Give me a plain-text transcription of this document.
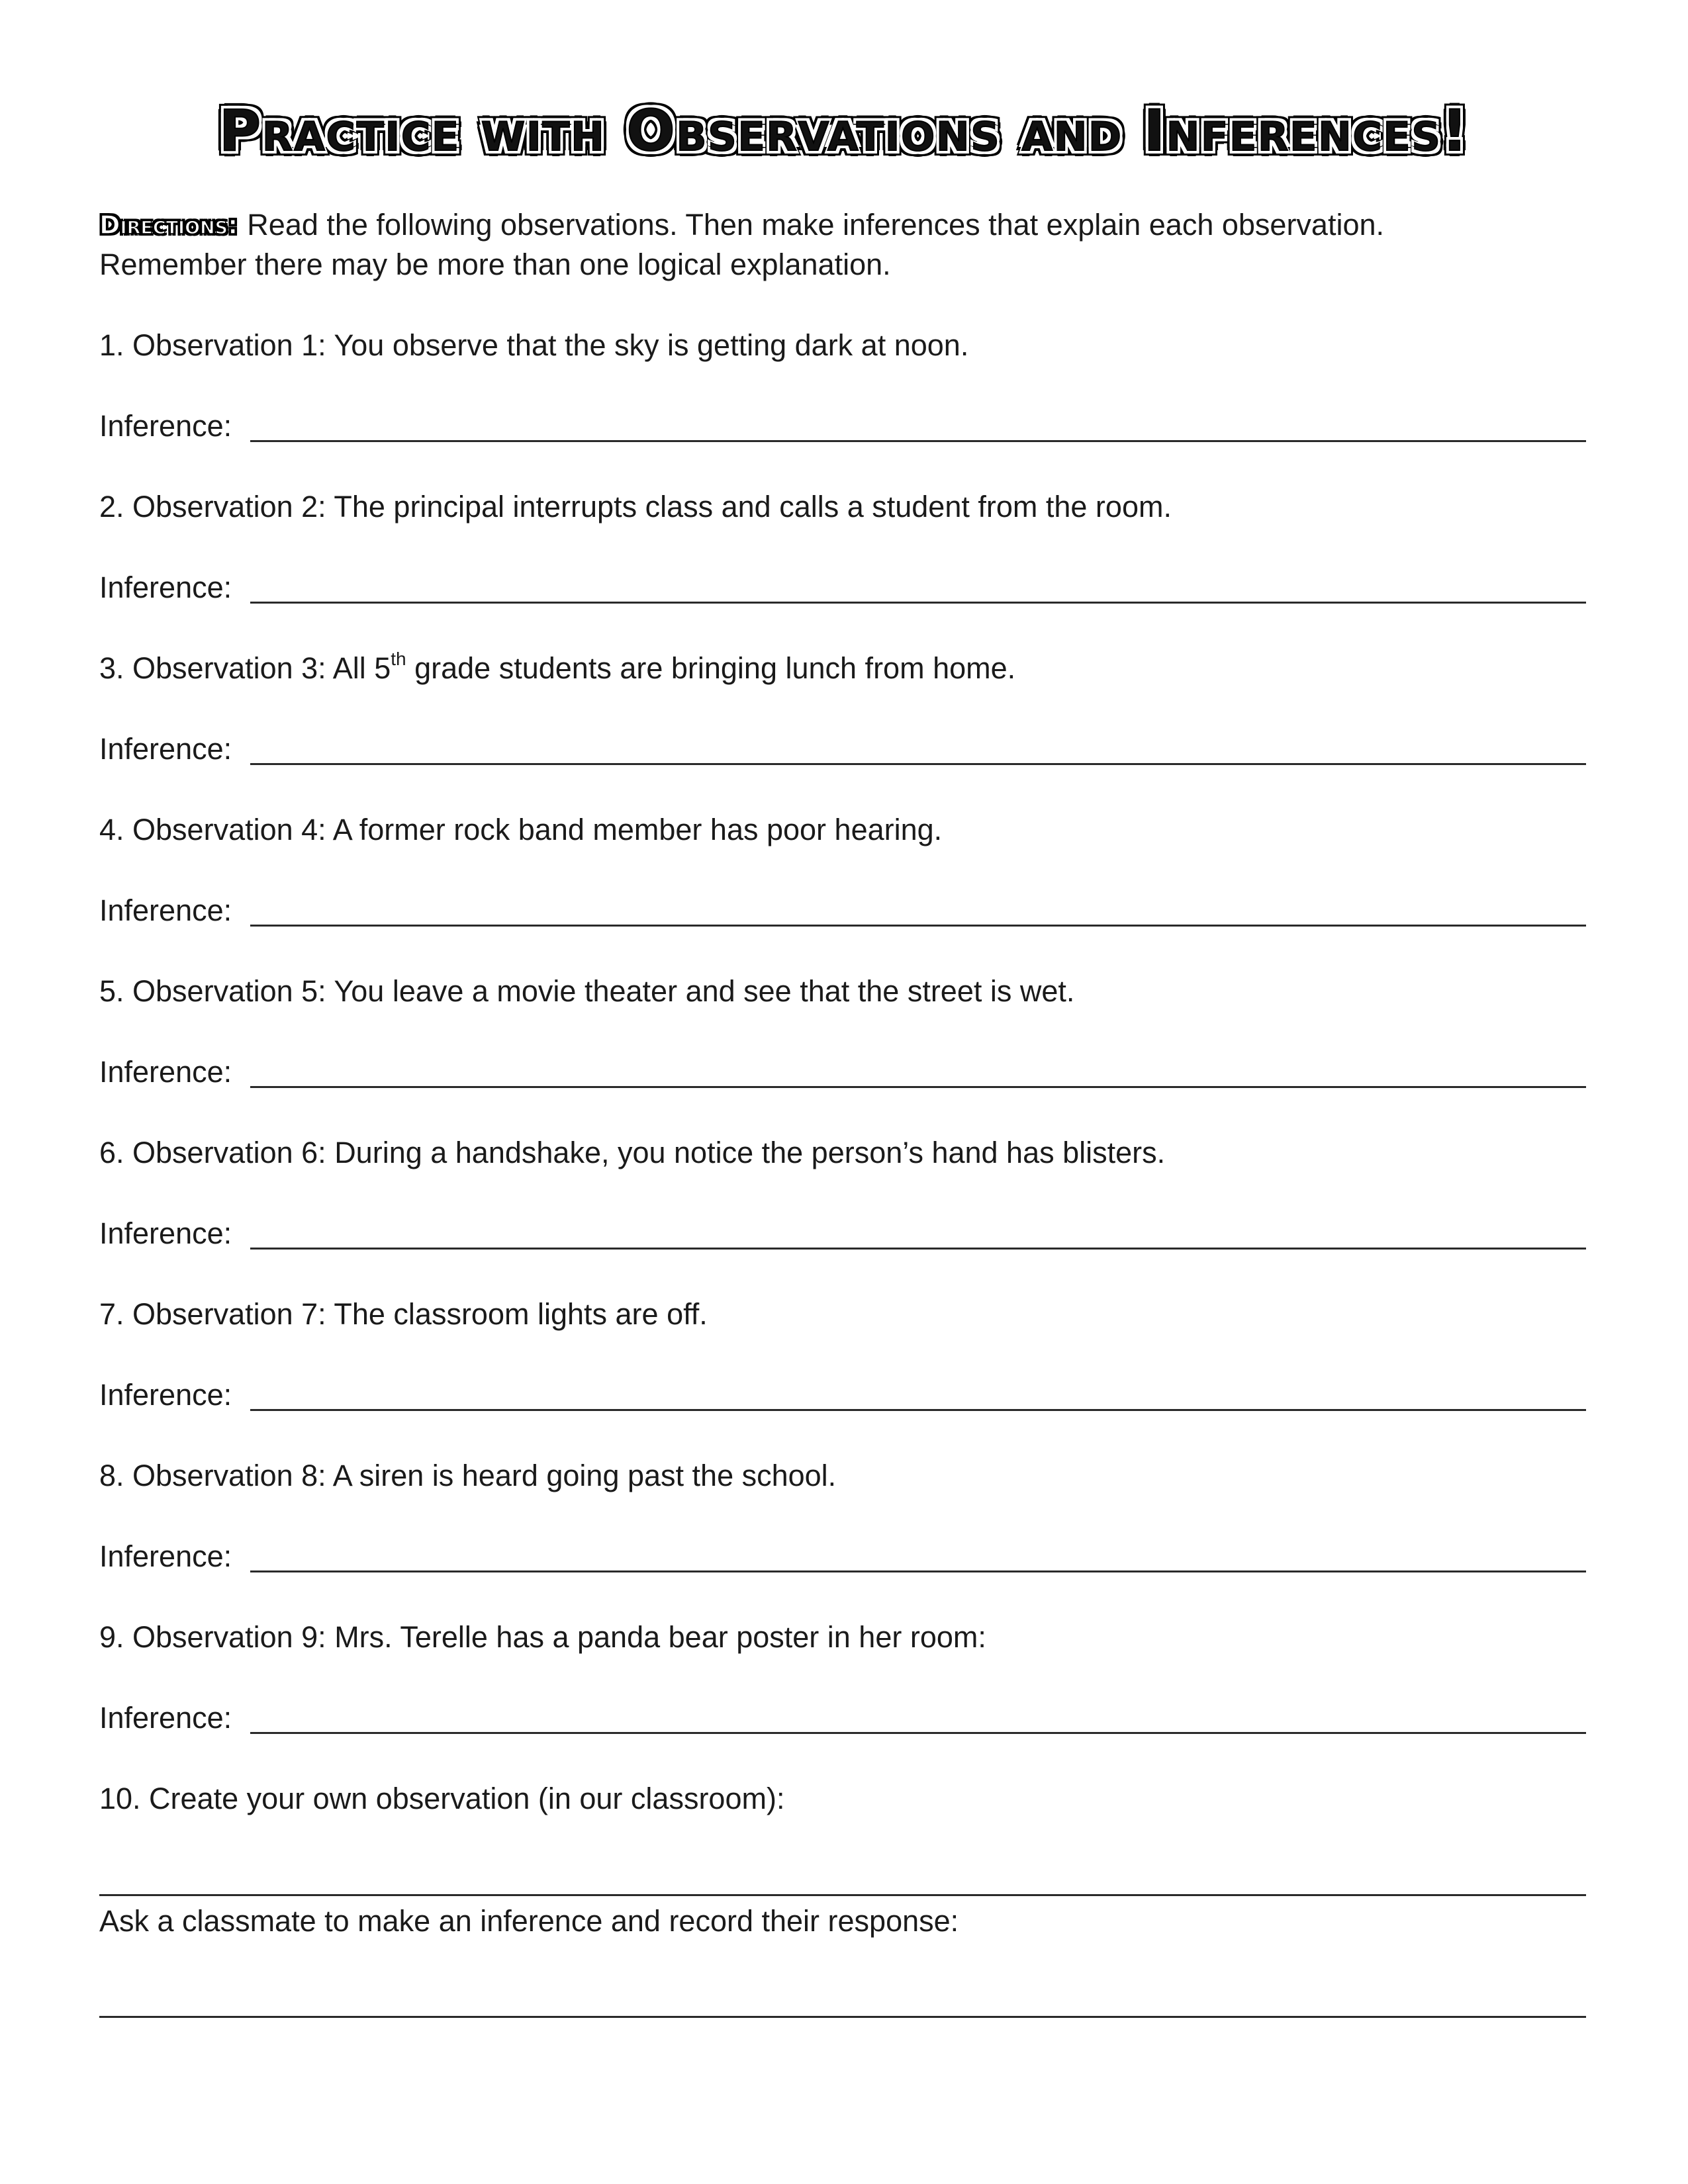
Practice with Observations and Inferences!
Directions: Read the following observations. Then make inferences that explain each observation.
Remember there may be more than one logical explanation.
1. Observation 1: You observe that the sky is getting dark at noon.
Inference:
2. Observation 2: The principal interrupts class and calls a student from the room.
Inference:
3. Observation 3: All 5th grade students are bringing lunch from home.
Inference:
4. Observation 4: A former rock band member has poor hearing.
Inference:
5. Observation 5: You leave a movie theater and see that the street is wet.
Inference:
6. Observation 6: During a handshake, you notice the person’s hand has blisters.
Inference:
7. Observation 7: The classroom lights are off.
Inference:
8. Observation 8: A siren is heard going past the school.
Inference:
9. Observation 9: Mrs. Terelle has a panda bear poster in her room:
Inference:
10. Create your own observation (in our classroom):
Ask a classmate to make an inference and record their response:
